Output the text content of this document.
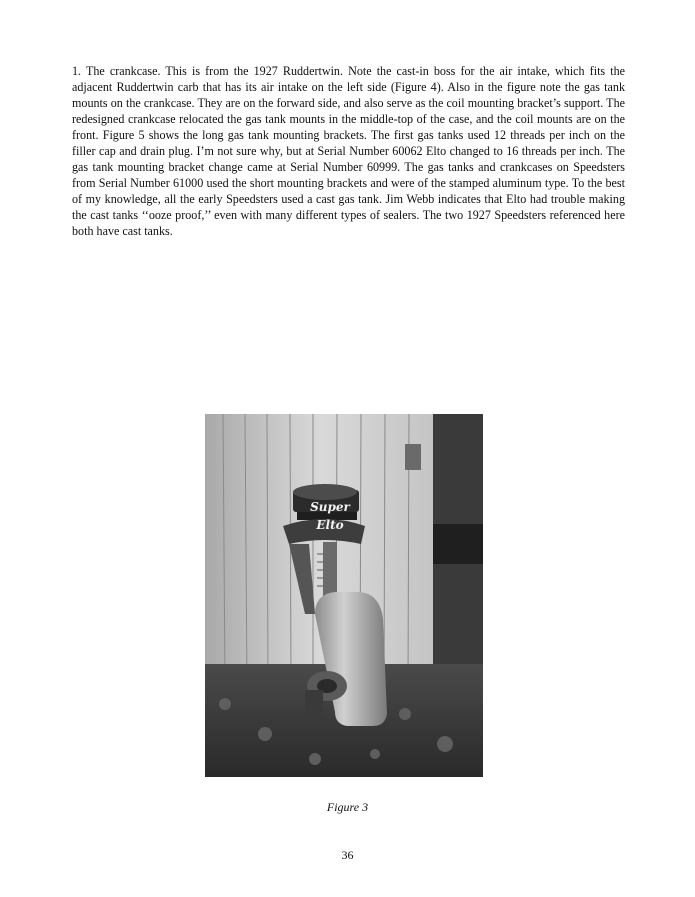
1. The crankcase. This is from the 1927 Ruddertwin. Note the cast-in boss for the air intake, which fits the adjacent Ruddertwin carb that has its air intake on the left side (Figure 4). Also in the figure note the gas tank mounts on the crankcase. They are on the forward side, and also serve as the coil mounting bracket’s support. The redesigned crankcase relocated the gas tank mounts in the middle-top of the case, and the coil mounts are on the front. Figure 5 shows the long gas tank mounting brackets. The first gas tanks used 12 threads per inch on the filler cap and drain plug. I’m not sure why, but at Serial Number 60062 Elto changed to 16 threads per inch. The gas tank mounting bracket change came at Serial Number 60999. The gas tanks and crankcases on Speedsters from Serial Number 61000 used the short mounting brackets and were of the stamped aluminum type. To the best of my knowledge, all the early Speedsters used a cast gas tank. Jim Webb indicates that Elto had trouble making the cast tanks ‘‘ooze proof,’’ even with many different types of sealers. The two 1927 Speedsters referenced here both have cast tanks.

Super Elto
Figure 3
36
